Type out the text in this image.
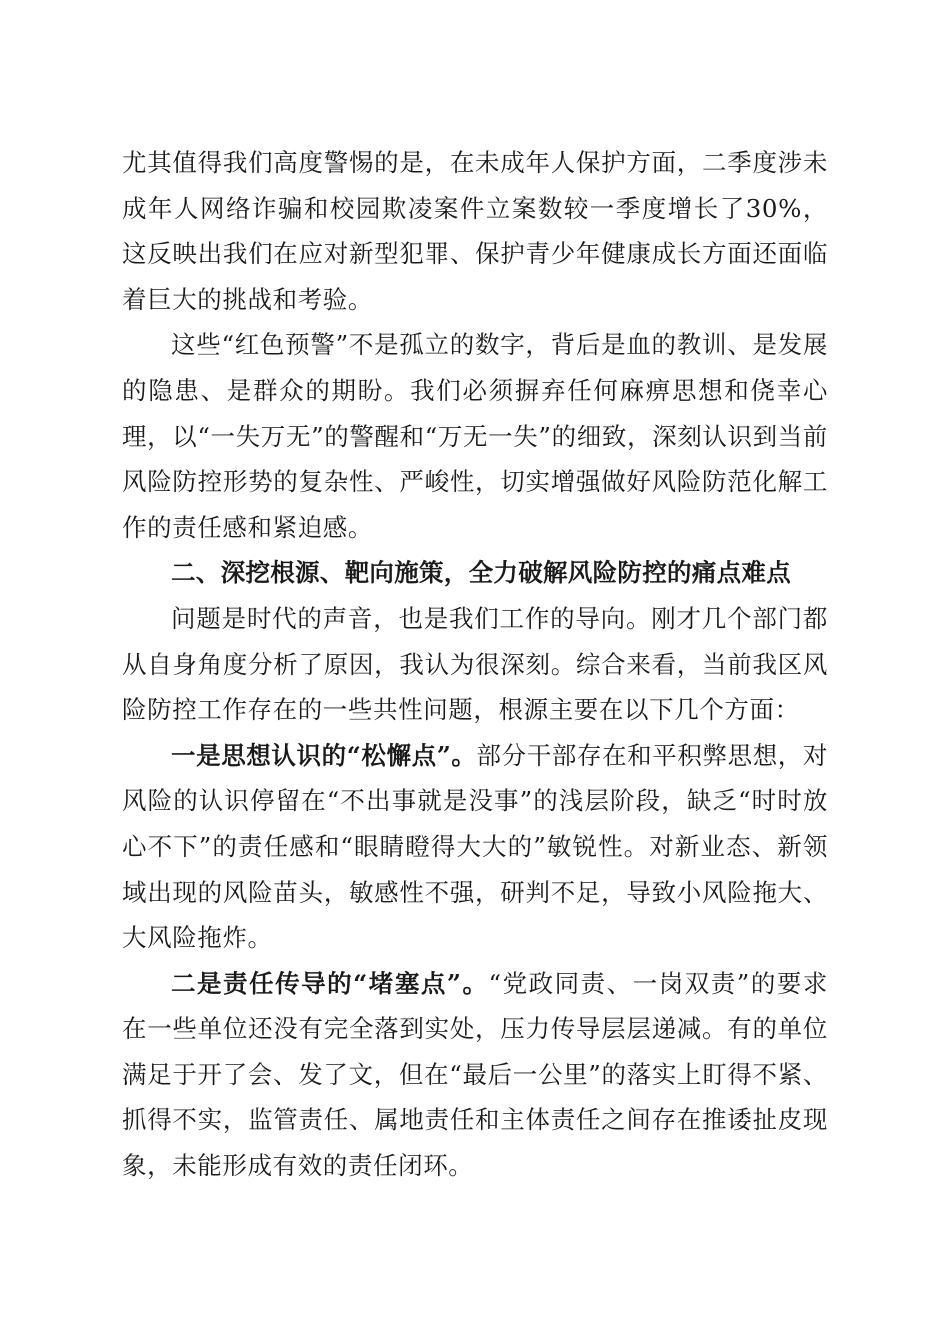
尤其值得我们高度警惕的是，在未成年人保护方面，二季度涉未成年人网络诈骗和校园欺凌案件立案数较一季度增长了30%，这反映出我们在应对新型犯罪、保护青少年健康成长方面还面临着巨大的挑战和考验。

这些“红色预警”不是孤立的数字，背后是血的教训、是发展的隐患、是群众的期盼。我们必须摒弃任何麻痹思想和侥幸心理，以“一失万无”的警醒和“万无一失”的细致，深刻认识到当前风险防控形势的复杂性、严峻性，切实增强做好风险防范化解工作的责任感和紧迫感。

二、深挖根源、靶向施策，全力破解风险防控的痛点难点

问题是时代的声音，也是我们工作的导向。刚才几个部门都从自身角度分析了原因，我认为很深刻。综合来看，当前我区风险防控工作存在的一些共性问题，根源主要在以下几个方面：

一是思想认识的“松懈点”。部分干部存在和平积弊思想，对风险的认识停留在“不出事就是没事”的浅层阶段，缺乏“时时放心不下”的责任感和“眼睛瞪得大大的”敏锐性。对新业态、新领域出现的风险苗头，敏感性不强，研判不足，导致小风险拖大、大风险拖炸。

二是责任传导的“堵塞点”。“党政同责、一岗双责”的要求在一些单位还没有完全落到实处，压力传导层层递减。有的单位满足于开了会、发了文，但在“最后一公里”的落实上盯得不紧、抓得不实，监管责任、属地责任和主体责任之间存在推诿扯皮现象，未能形成有效的责任闭环。
